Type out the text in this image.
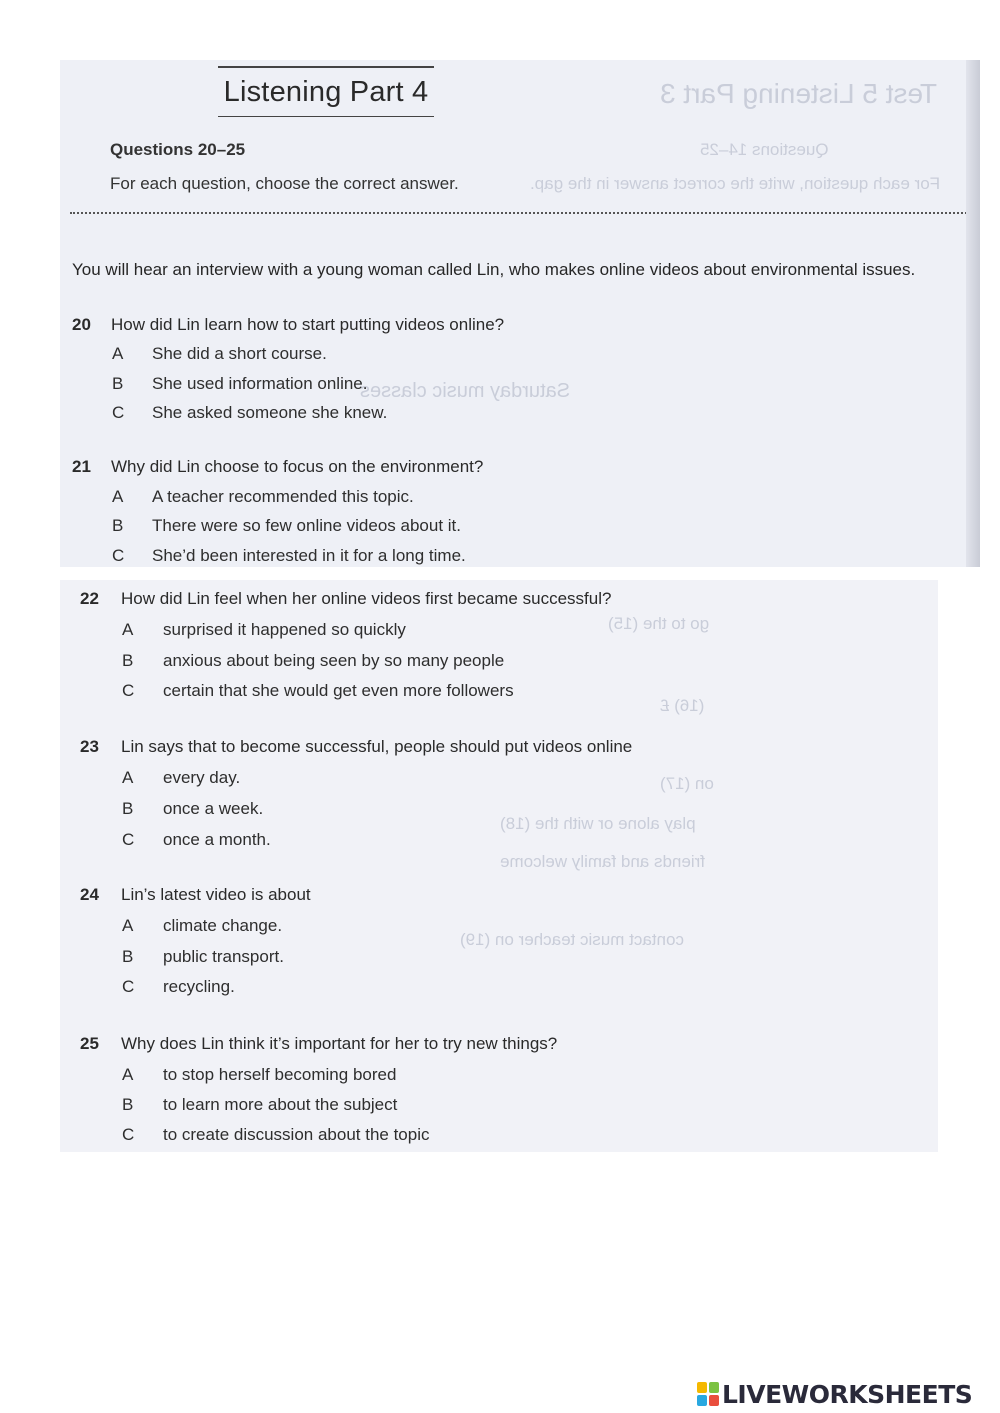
Test 5 Listening Part 3
Questions 14–25
For each question, write the correct answer in the gap.
Saturday music classes
Listening Part 4
Questions 20–25
For each question, choose the correct answer.
You will hear an interview with a young woman called Lin, who makes online videos about environmental issues.
20 How did Lin learn how to start putting videos online?
A She did a short course.
B She used information online.
C She asked someone she knew.
21 Why did Lin choose to focus on the environment?
A A teacher recommended this topic.
B There were so few online videos about it.
C She’d been interested in it for a long time.
go to the (15)
(16) £
on (17)
play alone or with the (18)
friends and family welcome
contact music teacher on (19)
22 How did Lin feel when her online videos first became successful?
A surprised it happened so quickly
B anxious about being seen by so many people
C certain that she would get even more followers
23 Lin says that to become successful, people should put videos online
A every day.
B once a week.
C once a month.
24 Lin’s latest video is about
A climate change.
B public transport.
C recycling.
25 Why does Lin think it’s important for her to try new things?
A to stop herself becoming bored
B to learn more about the subject
C to create discussion about the topic
LIVEWORKSHEETS
